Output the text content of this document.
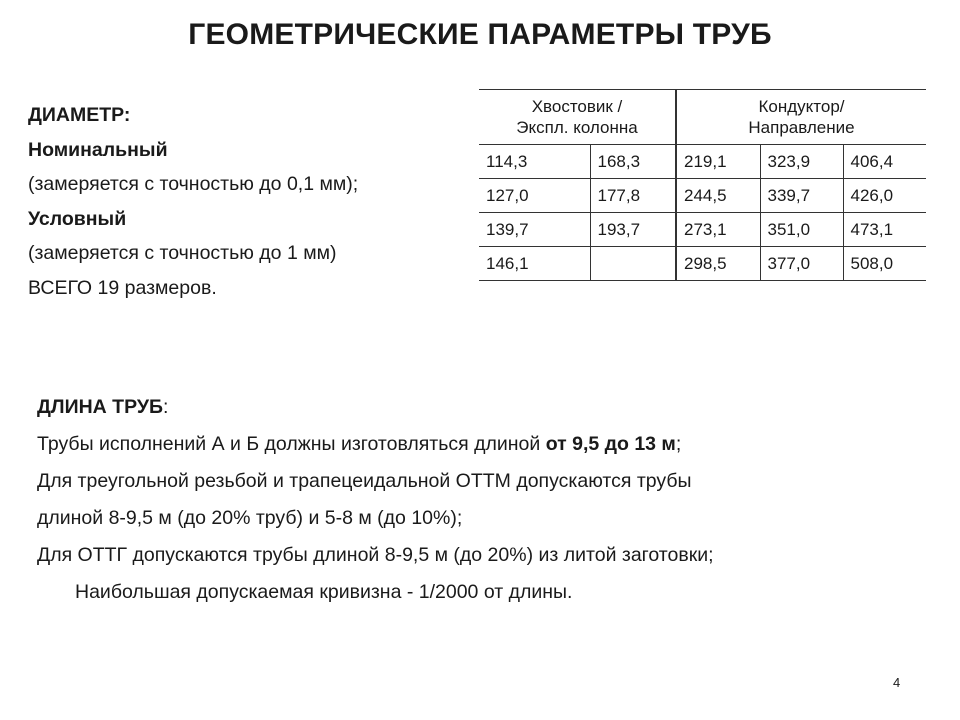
ГЕОМЕТРИЧЕСКИЕ ПАРАМЕТРЫ ТРУБ
ДИАМЕТР:
Номинальный
(замеряется с точностью до 0,1 мм);
Условный
(замеряется с точностью до 1 мм)
ВСЕГО 19 размеров.
Хвостовик /
Экспл. колонна		Кондуктор/
Направление		
114,3	168,3	219,1	323,9	406,4
127,0	177,8	244,5	339,7	426,0
139,7	193,7	273,1	351,0	473,1
146,1		298,5	377,0	508,0
ДЛИНА ТРУБ:
Трубы исполнений А и Б должны изготовляться длиной от 9,5 до 13 м;
Для треугольной резьбой и трапецеидальной ОТТМ допускаются трубы
длиной 8-9,5 м (до 20% труб) и 5-8 м (до 10%);
Для ОТТГ допускаются трубы длиной 8-9,5 м (до 20%) из литой заготовки;
Наибольшая допускаемая кривизна - 1/2000 от длины.
4
